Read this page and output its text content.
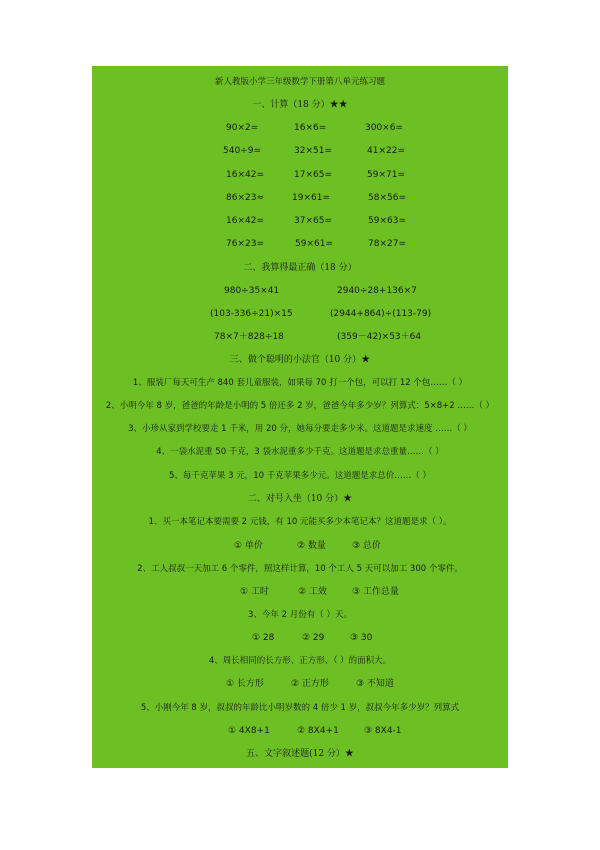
新人教版小学三年级数学下册第八单元练习题
一、计算（18 分）★★
90×2=	16×6=	300×6=
540÷9=	32×51=	41×22=
16×42=	17×65=	59×71=
86×23≈	19×61=	58×56=
16×42=	37×65=	59×63=
76×23=	59×61=	78×27=
二、我算得最正确（18 分）
980÷35×41	2940÷28+136×7
(103-336÷21)×15	(2944+864)÷(113-79)
78×7＋828÷18	(359－42)×53＋64
三、做个聪明的小法官（10 分）★
1、服装厂每天可生产 840 套儿童服装，如果每 70 打一个包，可以打 12 个包……（ ）
2、小明今年 8 岁，爸爸的年龄是小明的 5 倍还多 2 岁，爸爸今年多少岁？列算式：5×8+2 ……（ ）
3、小珍从家到学校要走 1 千米，用 20 分，她每分要走多少米。这道题是求速度 ……（ ）
4、一袋水泥重 50 千克，3 袋水泥重多少千克。这道题是求总重量……（ ）
5、每千克苹果 3 元，10 千克苹果多少元。这道题是求总价……（ ）
二、对号入坐（10 分）★
1、买一本笔记本要需要 2 元钱，有 10 元能买多少本笔记本？这道题是求（ ）。
① 单价	② 数量	③ 总价
2、工人叔叔一天加工 6 个零件，照这样计算，10 个工人 5 天可以加工 300 个零件。
① 工时	② 工效	③ 工作总量
3、今年 2 月份有（ ）天。
① 28	② 29	③ 30
4、周长相同的长方形、正方形、（ ）的面积大。
① 长方形	② 正方形	③ 不知道
5、小刚今年 8 岁，叔叔的年龄比小明岁数的 4 倍少 1 岁，叔叔今年多少岁？列算式
① 4X8+1	② 8X4+1	③ 8X4-1
五、文字叙述题(12 分）★
